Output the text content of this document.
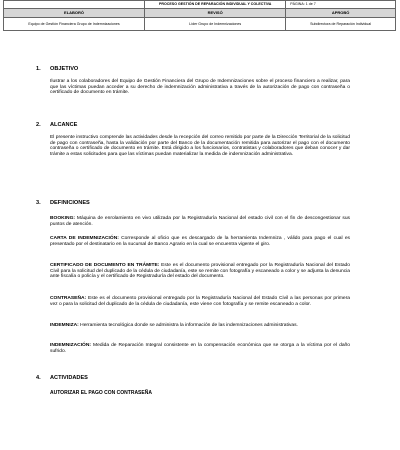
	PROCESO GESTIÓN DE REPARACIÓN INDIVIDUAL Y COLECTIVA	PÁGINA: 1 de 7
ELABORÓ	REVISÓ	APROBÓ
Equipo de Gestión Financiera Grupo de Indemnizaciones	Líder Grupo de Indemnizaciones	Subdirectora de Reparación Individual
1. OBJETIVO

Ilustrar a los colaboradores del Equipo de Gestión Financiera del Grupo de Indemnizaciones sobre el proceso financiero a realizar, para que las víctimas puedan acceder a su derecho de indemnización administrativa a través de la autorización de pago con contraseña o certificado de documento en trámite.

2. ALCANCE

El presente instructivo comprende las actividades desde la recepción del correo remitido por parte de la Dirección Territorial de la solicitud de pago con contraseña, hasta la validación por parte del Banco de la documentación remitida para autorizar el pago con el documento contraseña o certificado de documento en trámite. Está dirigido a los funcionarios, contratistas y colaboradores que deban conocer y dar trámite a estas solicitudes para que las víctimas puedan materializar la medida de indemnización administrativa.

3. DEFINICIONES

BOOKING: Máquina de enrolamiento en vivo utilizada por la Registraduría Nacional del estado civil con el fin de descongestionar sus puntos de atención.

CARTA DE INDEMNIZACIÓN: Corresponde al oficio que es descargado de la herramienta Indemniza , válido para pago el cual es presentado por el destinatario en la sucursal de Banco Agrario en la cual se encuentra vigente el giro.

CERTIFICADO DE DOCUMENTO EN TRÁMITE: Este es el documento provisional entregado por la Registraduría Nacional del Estado Civil para la solicitud del duplicado de la cédula de ciudadanía, este se remite con fotografía y escaneado a color y se adjunta la denuncia ante fiscalía o policía y el certificado de Registraduría del estado del documento.

CONTRASEÑA: Este es el documento provisional entregado por la Registraduría Nacional del Estado Civil a las personas por primera vez o para la solicitud del duplicado de la cédula de ciudadanía, este viene con fotografía y se remite escaneado a color.

INDEMNIZA: Herramienta tecnológica donde se administra la información de las indemnizaciones administrativas.

INDEMNIZACIÓN: Medida de Reparación Integral consistente en la compensación económica que se otorga a la víctima por el daño sufrido.

4. ACTIVIDADES
AUTORIZAR EL PAGO CON CONTRASEÑA
